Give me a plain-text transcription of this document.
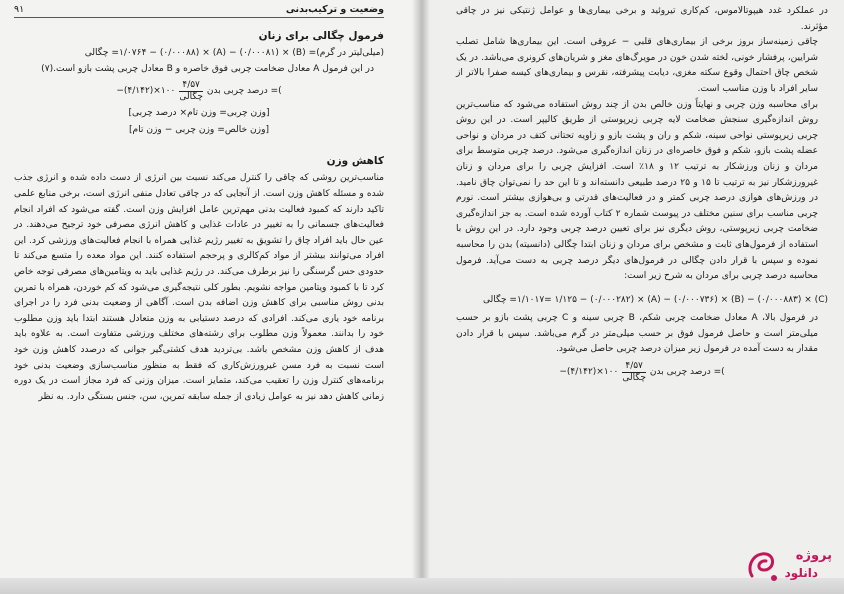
وضعیت و ترکیب‌بدنی
۹۱
فرمول چگالی برای زنان

(میلی‌لیتر در گرم)= (B) × (۰/۰۰۰۸۱) − (A) × (۰/۰۰۰۸۸) − ۱/۰۷۶۴= چگالی

در این فرمول A معادل ضخامت چربی فوق خاصره و B معادل چربی پشت بازو است.(۷)

)= درصد چربی بدن
$\frac{۴/۵۷}{\text{چگالی}}$
۱۰۰×(۴/۱۴۲)−

[وزن چربی= وزن تام× درصد چربی]

[وزن خالص= وزن چربی − وزن تام]

کاهش وزن

مناسب‌ترین روشی که چاقی را کنترل می‌کند نسبت بین انرژی از دست داده شده و انرژی جذب شده و مسئله کاهش وزن است. از آنجایی که در چاقی تعادل منفی انرژی است، برخی منابع علمی تاکید دارند که کمبود فعالیت بدنی مهم‌ترین عامل افزایش وزن است. گفته می‌شود که افراد انجام فعالیت‌های جسمانی را به تغییر در عادات غذایی و کاهش انرژی مصرفی خود ترجیح می‌دهند. در عین حال باید افراد چاق را تشویق به تغییر رژیم غذایی همراه با انجام فعالیت‌های ورزشی کرد. این افراد می‌توانند بیشتر از مواد کم‌کالری و پرحجم استفاده کنند. این مواد معده را متسع می‌کند تا حدودی حس گرسنگی را نیز برطرف می‌کند. در رژیم غذایی باید به ویتامین‌های مصرفی توجه خاص کرد تا با کمبود ویتامین مواجه نشویم. بطور کلی نتیجه‌گیری می‌شود که کم خوردن، همراه با تمرین بدنی روش مناسبی برای کاهش وزن اضافه بدن است. آگاهی از وضعیت بدنی فرد را در اجرای برنامه خود یاری می‌کند. افرادی که درصد دستیابی به وزن متعادل هستند ابتدا باید وزن مطلوب خود را بدانند. معمولاً وزن مطلوب برای رشته‌های مختلف ورزشی متفاوت است. به علاوه باید هدف از کاهش وزن مشخص باشد. بی‌تردید هدف کشتی‌گیر جوانی که درصدد کاهش وزن خود است نسبت به فرد مسن غیرورزش‌کاری که فقط به منظور مناسب‌سازی وضعیت بدنی خود برنامه‌های کنترل وزن را تعقیب می‌کند، متمایز است. میزان وزنی که فرد مجاز است در یک دوره زمانی کاهش دهد نیز به عوامل زیادی از جمله سابقه تمرین، سن، جنس بستگی دارد. به نظر

در عملکرد غدد هیپوتالاموس، کم‌کاری تیروئید و برخی بیماری‌ها و عوامل ژنتیکی نیز در چاقی مؤثرند.

چاقی زمینه‌ساز بروز برخی از بیماری‌های قلبی − عروقی است. این بیماری‌ها شامل تصلب شرایین، پرفشار خونی، لخته شدن خون در مویرگ‌های مغز و شریان‌های کرونری می‌باشد. در یک شخص چاق احتمال وقوع سکته مغزی، دیابت پیشرفته، نقرس و بیماری‌های کیسه صفرا بالاتر از سایر افراد با وزن مناسب است.

برای محاسبه وزن چربی و نهایتاً وزن خالص بدن از چند روش استفاده می‌شود که مناسب‌ترین روش اندازه‌گیری سنجش ضخامت لایه چربی زیرپوستی از طریق کالیپر است. در این روش چربی زیرپوستی نواحی سینه، شکم و ران و پشت بازو و زاویه تحتانی کتف در مردان و نواحی عضله پشت بازو، شکم و فوق خاصره‌ای در زنان اندازه‌گیری می‌شود. درصد چربی متوسط برای مردان و زنان ورزشکار به ترتیب ۱۲ و ۱۸٪ است. افزایش چربی را برای مردان و زنان غیرورزشکار نیز به ترتیب تا ۱۵ و ۲۵ درصد طبیعی دانسته‌اند و تا این حد را نمی‌توان چاق نامید. در ورزش‌های هوازی درصد چربی کمتر و در فعالیت‌های قدرتی و بی‌هوازی بیشتر است. نورم چربی مناسب برای سنین مختلف در پیوست شماره ۲ کتاب آورده شده است. به جز اندازه‌گیری ضخامت چربی زیرپوستی، روش دیگری نیز برای تعیین درصد چربی وجود دارد. در این روش با استفاده از فرمول‌های ثابت و مشخص برای مردان و زنان ابتدا چگالی (دانسیته) بدن را محاسبه نموده و سپس با قرار دادن چگالی در فرمول‌های دیگر درصد چربی به دست می‌آید. فرمول محاسبه درصد چربی برای مردان به شرح زیر است:

(C) × (۰/۰۰۰۸۸۳) − (B) × (۰/۰۰۰۷۳۶) − (A) × (۰/۰۰۰۲۸۲) − ۱/۱۰۱۷= ۱/۱۲۵= چگالی

در فرمول بالا، A معادل ضخامت چربی شکم، B چربی سینه و C چربی پشت بازو بر حسب میلی‌متر است و حاصل فرمول فوق بر حسب میلی‌متر در گرم می‌باشد. سپس با قرار دادن مقدار به دست آمده در فرمول زیر میزان درصد چربی حاصل می‌شود.

)= درصد چربی بدن
$\frac{۴/۵۷}{\text{چگالی}}$
۱۰۰×(۴/۱۴۲)−
پروژه
دانلود
